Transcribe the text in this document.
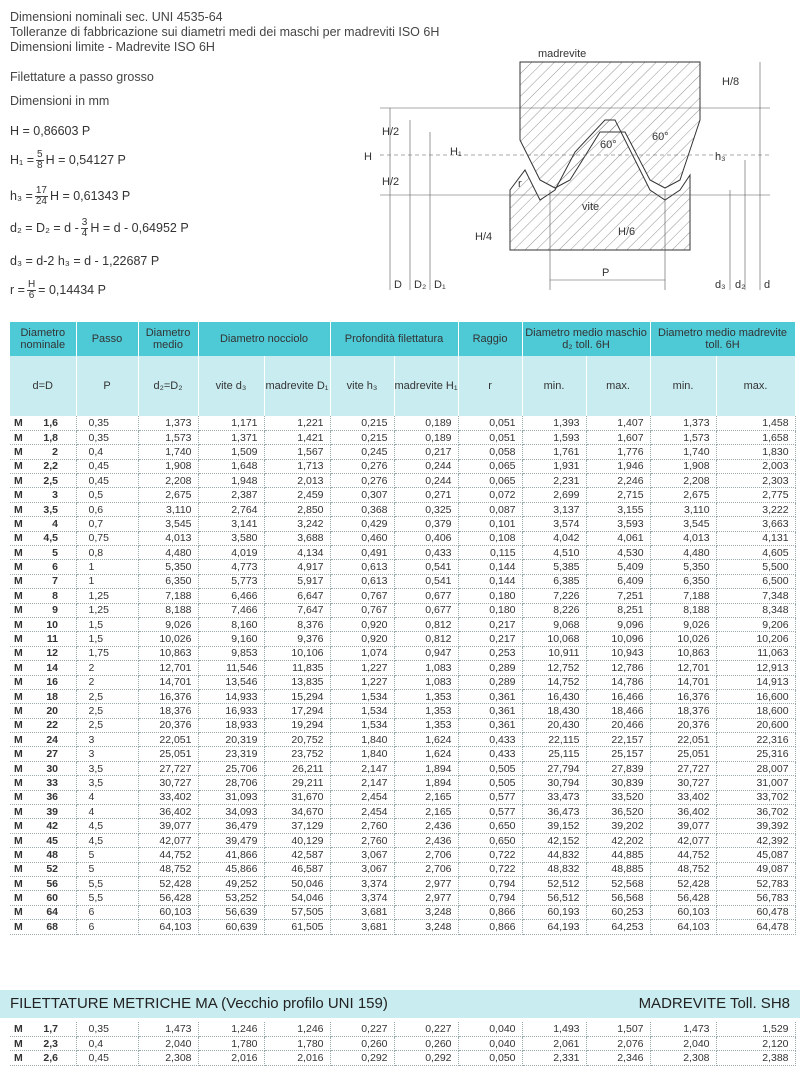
Dimensioni nominali sec. UNI 4535-64
Tolleranze di fabbricazione sui diametri medi dei maschi per madreviti ISO 6H
Dimensioni limite - Madrevite ISO 6H
Filettature a passo grosso
Dimensioni in mm
H = 0,86603 P
$H_1 = \frac{5}{8}$ H = 0,54127 P
$h_3 = \frac{17}{24}$ H = 0,61343 P
$d_2 = D_2 = d - \frac{3}{4}$ H = d - 0,64952 P
d₃ = d-2 h₃ = d - 1,22687 P
$r = \frac{H}{6} = 0,14434$ P
madrevite
vite
60°
60°
H/8
H/2
H/2
H	H₁	h₃
H/4	H/6
r
P
D D₂ D₁	d₃ d₂ d
Diametro nominale	Passo	Diametro medio	Diametro nocciolo		Profondità filettatura		Raggio	Diametro medio maschio d₂ toll. 6H		Diametro medio madrevite toll. 6H	
d=D	P	d₂=D₂	vite d₃	madrevite D₁	vite h₃	madrevite H₁	r	min.	max.	min.	max.
M 1,6	0,35	1,373	1,171	1,221	0,215	0,189	0,051	1,393	1,407	1,373	1,458
M 1,8	0,35	1,573	1,371	1,421	0,215	0,189	0,051	1,593	1,607	1,573	1,658
M 2	0,4	1,740	1,509	1,567	0,245	0,217	0,058	1,761	1,776	1,740	1,830
M 2,2	0,45	1,908	1,648	1,713	0,276	0,244	0,065	1,931	1,946	1,908	2,003
M 2,5	0,45	2,208	1,948	2,013	0,276	0,244	0,065	2,231	2,246	2,208	2,303
M 3	0,5	2,675	2,387	2,459	0,307	0,271	0,072	2,699	2,715	2,675	2,775
M 3,5	0,6	3,110	2,764	2,850	0,368	0,325	0,087	3,137	3,155	3,110	3,222
M 4	0,7	3,545	3,141	3,242	0,429	0,379	0,101	3,574	3,593	3,545	3,663
M 4,5	0,75	4,013	3,580	3,688	0,460	0,406	0,108	4,042	4,061	4,013	4,131
M 5	0,8	4,480	4,019	4,134	0,491	0,433	0,115	4,510	4,530	4,480	4,605
M 6	1	5,350	4,773	4,917	0,613	0,541	0,144	5,385	5,409	5,350	5,500
M 7	1	6,350	5,773	5,917	0,613	0,541	0,144	6,385	6,409	6,350	6,500
M 8	1,25	7,188	6,466	6,647	0,767	0,677	0,180	7,226	7,251	7,188	7,348
M 9	1,25	8,188	7,466	7,647	0,767	0,677	0,180	8,226	8,251	8,188	8,348
M 10	1,5	9,026	8,160	8,376	0,920	0,812	0,217	9,068	9,096	9,026	9,206
M 11	1,5	10,026	9,160	9,376	0,920	0,812	0,217	10,068	10,096	10,026	10,206
M 12	1,75	10,863	9,853	10,106	1,074	0,947	0,253	10,911	10,943	10,863	11,063
M 14	2	12,701	11,546	11,835	1,227	1,083	0,289	12,752	12,786	12,701	12,913
M 16	2	14,701	13,546	13,835	1,227	1,083	0,289	14,752	14,786	14,701	14,913
M 18	2,5	16,376	14,933	15,294	1,534	1,353	0,361	16,430	16,466	16,376	16,600
M 20	2,5	18,376	16,933	17,294	1,534	1,353	0,361	18,430	18,466	18,376	18,600
M 22	2,5	20,376	18,933	19,294	1,534	1,353	0,361	20,430	20,466	20,376	20,600
M 24	3	22,051	20,319	20,752	1,840	1,624	0,433	22,115	22,157	22,051	22,316
M 27	3	25,051	23,319	23,752	1,840	1,624	0,433	25,115	25,157	25,051	25,316
M 30	3,5	27,727	25,706	26,211	2,147	1,894	0,505	27,794	27,839	27,727	28,007
M 33	3,5	30,727	28,706	29,211	2,147	1,894	0,505	30,794	30,839	30,727	31,007
M 36	4	33,402	31,093	31,670	2,454	2,165	0,577	33,473	33,520	33,402	33,702
M 39	4	36,402	34,093	34,670	2,454	2,165	0,577	36,473	36,520	36,402	36,702
M 42	4,5	39,077	36,479	37,129	2,760	2,436	0,650	39,152	39,202	39,077	39,392
M 45	4,5	42,077	39,479	40,129	2,760	2,436	0,650	42,152	42,202	42,077	42,392
M 48	5	44,752	41,866	42,587	3,067	2,706	0,722	44,832	44,885	44,752	45,087
M 52	5	48,752	45,866	46,587	3,067	2,706	0,722	48,832	48,885	48,752	49,087
M 56	5,5	52,428	49,252	50,046	3,374	2,977	0,794	52,512	52,568	52,428	52,783
M 60	5,5	56,428	53,252	54,046	3,374	2,977	0,794	56,512	56,568	56,428	56,783
M 64	6	60,103	56,639	57,505	3,681	3,248	0,866	60,193	60,253	60,103	60,478
M 68	6	64,103	60,639	61,505	3,681	3,248	0,866	64,193	64,253	64,103	64,478
FILETTATURE METRICHE MA (Vecchio profilo UNI 159)	MADREVITE Toll. SH8
M 1,7	0,35	1,473	1,246	1,246	0,227	0,227	0,040	1,493	1,507	1,473	1,529
M 2,3	0,4	2,040	1,780	1,780	0,260	0,260	0,040	2,061	2,076	2,040	2,120
M 2,6	0,45	2,308	2,016	2,016	0,292	0,292	0,050	2,331	2,346	2,308	2,388
